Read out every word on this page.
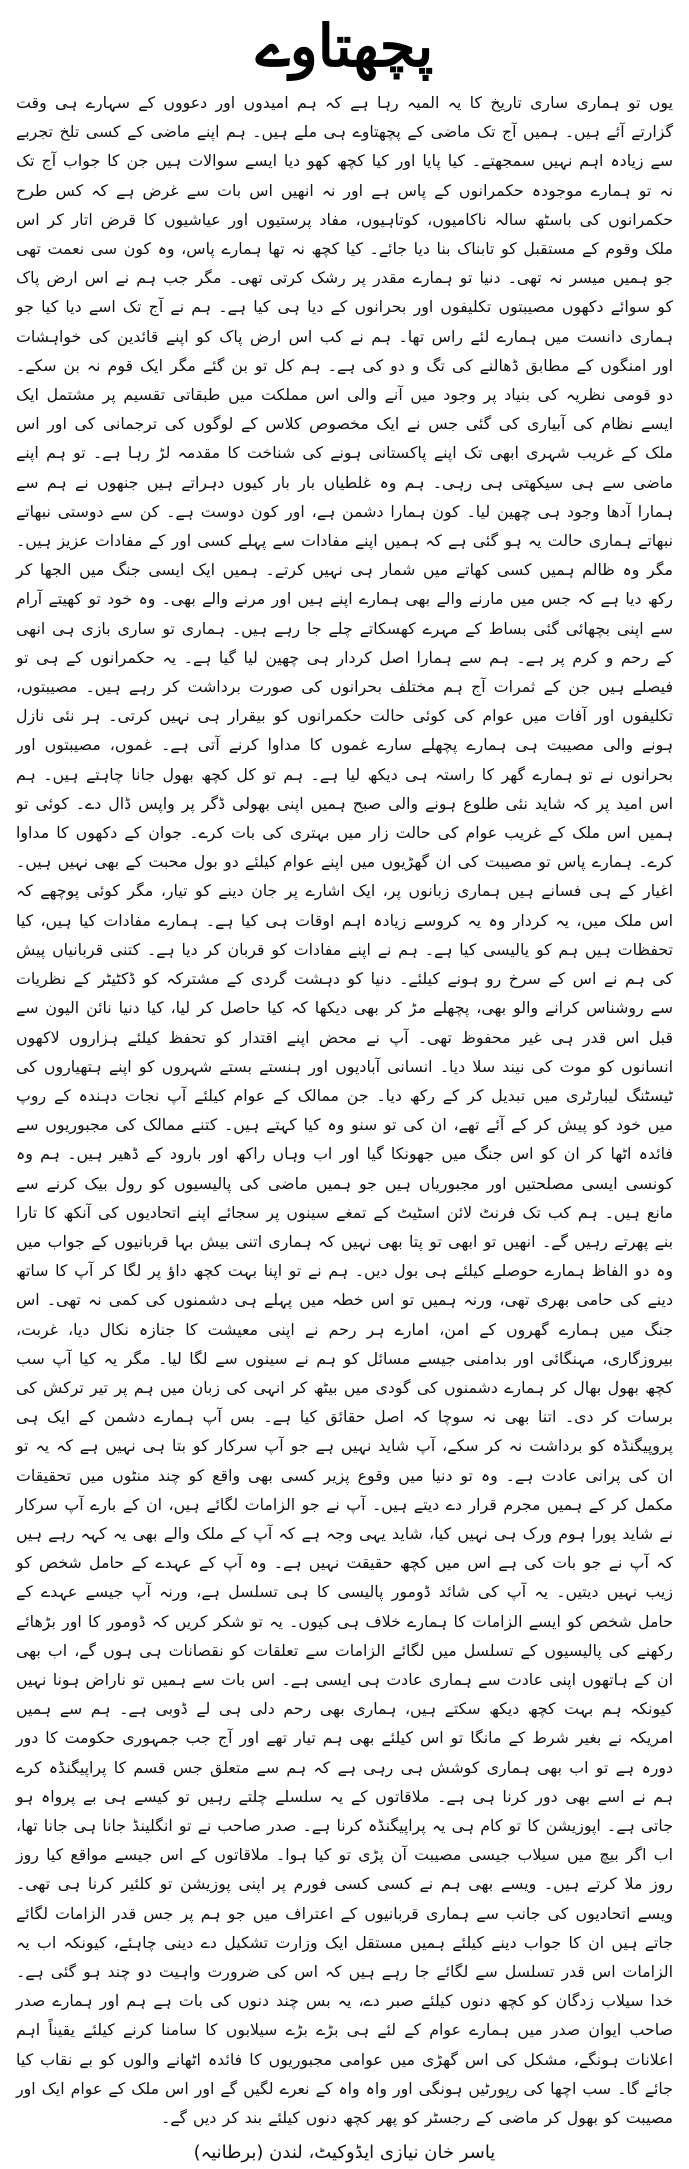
پچھتاوے

یوں تو ہماری ساری تاریخ کا یہ المیہ رہا ہے کہ ہم امیدوں اور دعووں کے سہارے ہی وقت گزارتے آئے ہیں۔ ہمیں آج تک ماضی کے پچھتاوے ہی ملے ہیں۔ ہم اپنے ماضی کے کسی تلخ تجربے سے زیادہ اہم نہیں سمجھتے۔ کیا پایا اور کیا کچھ کھو دیا ایسے سوالات ہیں جن کا جواب آج تک نہ تو ہمارے موجودہ حکمرانوں کے پاس ہے اور نہ انھیں اس بات سے غرض ہے کہ کس طرح حکمرانوں کی باسٹھ سالہ ناکامیوں، کوتاہیوں، مفاد پرستیوں اور عیاشیوں کا قرض اتار کر اس ملک وقوم کے مستقبل کو تابناک بنا دیا جائے۔ کیا کچھ نہ تھا ہمارے پاس، وہ کون سی نعمت تھی جو ہمیں میسر نہ تھی۔ دنیا تو ہمارے مقدر پر رشک کرتی تھی۔ مگر جب ہم نے اس ارض پاک کو سوائے دکھوں مصیبتوں تکلیفوں اور بحرانوں کے دیا ہی کیا ہے۔ ہم نے آج تک اسے دیا کیا جو ہماری دانست میں ہمارے لئے راس تھا۔ ہم نے کب اس ارض پاک کو اپنے قائدین کی خواہشات اور امنگوں کے مطابق ڈھالنے کی تگ و دو کی ہے۔ ہم کل تو بن گئے مگر ایک قوم نہ بن سکے۔ دو قومی نظریہ کی بنیاد پر وجود میں آنے والی اس مملکت میں طبقاتی تقسیم پر مشتمل ایک ایسے نظام کی آبیاری کی گئی جس نے ایک مخصوص کلاس کے لوگوں کی ترجمانی کی اور اس ملک کے غریب شہری ابھی تک اپنے پاکستانی ہونے کی شناخت کا مقدمہ لڑ رہا ہے۔ تو ہم اپنے ماضی سے ہی سیکھتی ہی رہی۔ ہم وہ غلطیاں بار بار کیوں دہراتے ہیں جنھوں نے ہم سے ہمارا آدھا وجود ہی چھین لیا۔ کون ہمارا دشمن ہے، اور کون دوست ہے۔ کن سے دوستی نبھاتے نبھاتے ہماری حالت یہ ہو گئی ہے کہ ہمیں اپنے مفادات سے پہلے کسی اور کے مفادات عزیز ہیں۔ مگر وہ ظالم ہمیں کسی کھاتے میں شمار ہی نہیں کرتے۔ ہمیں ایک ایسی جنگ میں الجھا کر رکھ دیا ہے کہ جس میں مارنے والے بھی ہمارے اپنے ہیں اور مرنے والے بھی۔ وہ خود تو کھیتے آرام سے اپنی بچھائی گئی بساط کے مہرے کھسکاتے چلے جا رہے ہیں۔ ہماری تو ساری بازی ہی انھی کے رحم و کرم پر ہے۔ ہم سے ہمارا اصل کردار ہی چھین لیا گیا ہے۔ یہ حکمرانوں کے ہی تو فیصلے ہیں جن کے ثمرات آج ہم مختلف بحرانوں کی صورت برداشت کر رہے ہیں۔ مصیبتوں، تکلیفوں اور آفات میں عوام کی کوئی حالت حکمرانوں کو بیقرار ہی نہیں کرتی۔ ہر نئی نازل ہونے والی مصیبت ہی ہمارے پچھلے سارے غموں کا مداوا کرنے آتی ہے۔ غموں، مصیبتوں اور بحرانوں نے تو ہمارے گھر کا راستہ ہی دیکھ لیا ہے۔ ہم تو کل کچھ بھول جانا چاہتے ہیں۔ ہم اس امید پر کہ شاید نئی طلوع ہونے والی صبح ہمیں اپنی بھولی ڈگر پر واپس ڈال دے۔ کوئی تو ہمیں اس ملک کے غریب عوام کی حالت زار میں بہتری کی بات کرے۔ جوان کے دکھوں کا مداوا کرے۔ ہمارے پاس تو مصیبت کی ان گھڑیوں میں اپنے عوام کیلئے دو بول محبت کے بھی نہیں ہیں۔ اغیار کے ہی فسانے ہیں ہماری زبانوں پر، ایک اشارے پر جان دینے کو تیار، مگر کوئی پوچھے کہ اس ملک میں، یہ کردار وہ یہ کروسے زیادہ اہم اوقات ہی کیا ہے۔ ہمارے مفادات کیا ہیں، کیا تحفظات ہیں ہم کو یالیسی کیا ہے۔ ہم نے اپنے مفادات کو قربان کر دیا ہے۔ کتنی قربانیاں پیش کی ہم نے اس کے سرخ رو ہونے کیلئے۔ دنیا کو دہشت گردی کے مشترکہ کو ڈکٹیٹر کے نظریات سے روشناس کرانے والو بھی، پچھلے مڑ کر بھی دیکھا کہ کیا حاصل کر لیا، کیا دنیا نائن الیون سے قبل اس قدر ہی غیر محفوظ تھی۔ آپ نے محض اپنے اقتدار کو تحفظ کیلئے ہزاروں لاکھوں انسانوں کو موت کی نیند سلا دیا۔ انسانی آبادیوں اور ہنستے بستے شہروں کو اپنے ہتھیاروں کی ٹیسٹنگ لیبارٹری میں تبدیل کر کے رکھ دیا۔ جن ممالک کے عوام کیلئے آپ نجات دہندہ کے روپ میں خود کو پیش کر کے آئے تھے، ان کی تو سنو وہ کیا کہتے ہیں۔ کتنے ممالک کی مجبوریوں سے فائدہ اٹھا کر ان کو اس جنگ میں جھونکا گیا اور اب وہاں راکھ اور بارود کے ڈھیر ہیں۔ ہم وہ کونسی ایسی مصلحتیں اور مجبوریاں ہیں جو ہمیں ماضی کی پالیسیوں کو رول بیک کرنے سے مانع ہیں۔ ہم کب تک فرنٹ لائن اسٹیٹ کے تمغے سینوں پر سجائے اپنے اتحادیوں کی آنکھ کا تارا بنے پھرتے رہیں گے۔ انھیں تو ابھی تو پتا بھی نہیں کہ ہماری اتنی بیش بہا قربانیوں کے جواب میں وہ دو الفاظ ہمارے حوصلے کیلئے ہی بول دیں۔ ہم نے تو اپنا بہت کچھ داؤ پر لگا کر آپ کا ساتھ دینے کی حامی بھری تھی، ورنہ ہمیں تو اس خطہ میں پہلے ہی دشمنوں کی کمی نہ تھی۔ اس جنگ میں ہمارے گھروں کے امن، امارے ہر رحم نے اپنی معیشت کا جنازہ نکال دیا، غربت، بیروزگاری، مہنگائی اور بدامنی جیسے مسائل کو ہم نے سینوں سے لگا لیا۔ مگر یہ کیا آپ سب کچھ بھول بھال کر ہمارے دشمنوں کی گودی میں بیٹھ کر انہی کی زبان میں ہم پر تیر ترکش کی برسات کر دی۔ اتنا بھی نہ سوچا کہ اصل حقائق کیا ہے۔ بس آپ ہمارے دشمن کے ایک ہی پروپیگنڈہ کو برداشت نہ کر سکے، آپ شاید نہیں ہے جو آپ سرکار کو بتا ہی نہیں ہے کہ یہ تو ان کی پرانی عادت ہے۔ وہ تو دنیا میں وقوع پزیر کسی بھی واقع کو چند منٹوں میں تحقیقات مکمل کر کے ہمیں مجرم قرار دے دیتے ہیں۔ آپ نے جو الزامات لگائے ہیں، ان کے بارے آپ سرکار نے شاید پورا ہوم ورک ہی نہیں کیا، شاید یہی وجہ ہے کہ آپ کے ملک والے بھی یہ کہہ رہے ہیں کہ آپ نے جو بات کی ہے اس میں کچھ حقیقت نہیں ہے۔ وہ آپ کے عہدے کے حامل شخص کو زیب نہیں دیتیں۔ یہ آپ کی شائد ڈومور پالیسی کا ہی تسلسل ہے، ورنہ آپ جیسے عہدے کے حامل شخص کو ایسے الزامات کا ہمارے خلاف ہی کیوں۔ یہ تو شکر کریں کہ ڈومور کا اور بڑھائے رکھنے کی پالیسیوں کے تسلسل میں لگائے الزامات سے تعلقات کو نقصانات ہی ہوں گے، اب بھی ان کے ہاتھوں اپنی عادت سے ہماری عادت ہی ایسی ہے۔ اس بات سے ہمیں تو ناراض ہونا نہیں کیونکہ ہم بہت کچھ دیکھ سکتے ہیں، ہماری بھی رحم دلی ہی لے ڈوبی ہے۔ ہم سے ہمیں امریکہ نے بغیر شرط کے مانگا تو اس کیلئے بھی ہم تیار تھے اور آج جب جمہوری حکومت کا دور دورہ ہے تو اب بھی ہماری کوشش ہی رہی ہے کہ ہم سے متعلق جس قسم کا پراپیگنڈہ کرے ہم نے اسے بھی دور کرنا ہی ہے۔ ملاقاتوں کے یہ سلسلے چلتے رہیں تو کیسے ہی بے پرواہ ہو جاتی ہے۔ اپوزیشن کا تو کام ہی یہ پراپیگنڈہ کرنا ہے۔ صدر صاحب نے تو انگلینڈ جانا ہی جانا تھا، اب اگر بیچ میں سیلاب جیسی مصیبت آن پڑی تو کیا ہوا۔ ملاقاتوں کے اس جیسے مواقع کیا روز روز ملا کرتے ہیں۔ ویسے بھی ہم نے کسی کسی فورم پر اپنی پوزیشن تو کلئیر کرنا ہی تھی۔ ویسے اتحادیوں کی جانب سے ہماری قربانیوں کے اعتراف میں جو ہم پر جس قدر الزامات لگائے جاتے ہیں ان کا جواب دینے کیلئے ہمیں مستقل ایک وزارت تشکیل دے دینی چاہئے، کیونکہ اب یہ الزامات اس قدر تسلسل سے لگائے جا رہے ہیں کہ اس کی ضرورت واہیت دو چند ہو گئی ہے۔ خدا سیلاب زدگان کو کچھ دنوں کیلئے صبر دے، یہ بس چند دنوں کی بات ہے ہم اور ہمارے صدر صاحب ایوان صدر میں ہمارے عوام کے لئے ہی بڑے بڑے سیلابوں کا سامنا کرنے کیلئے یقیناً اہم اعلانات ہونگے، مشکل کی اس گھڑی میں عوامی مجبوریوں کا فائدہ اٹھانے والوں کو بے نقاب کیا جائے گا۔ سب اچھا کی رپورٹیں ہونگی اور واہ واہ کے نعرے لگیں گے اور اس ملک کے عوام ایک اور مصیبت کو بھول کر ماضی کے رجسٹر کو پھر کچھ دنوں کیلئے بند کر دیں گے۔

یاسر خان نیازی ایڈوکیٹ، لندن (برطانیہ)
